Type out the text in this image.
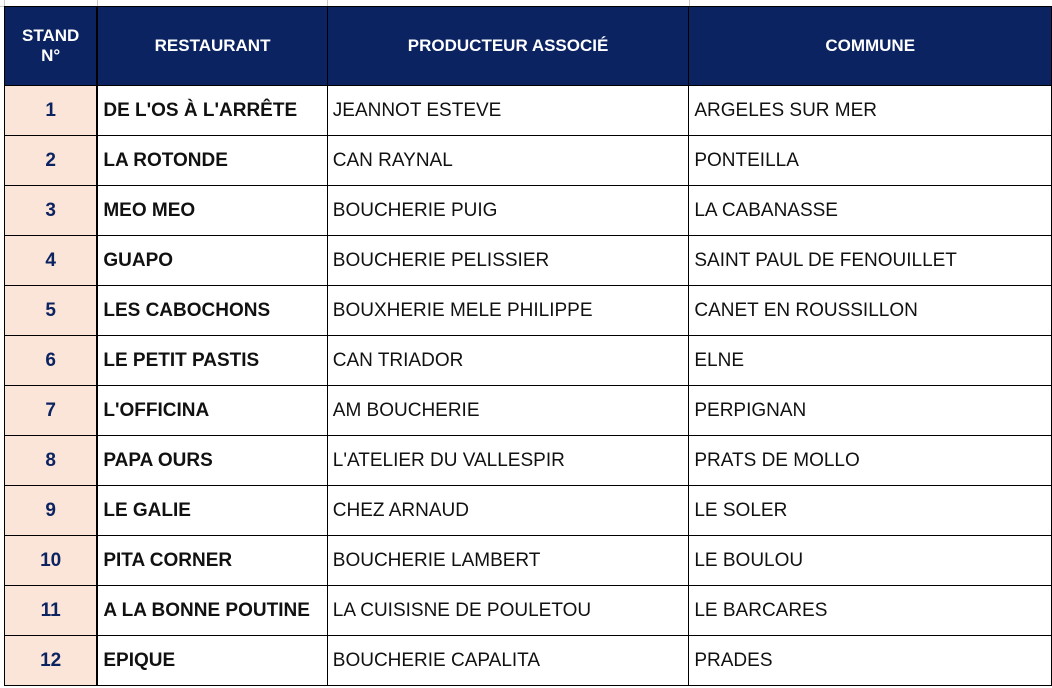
STAND
N°	RESTAURANT	PRODUCTEUR ASSOCIÉ	COMMUNE
1	DE L'OS À L'ARRÊTE	JEANNOT ESTEVE	ARGELES SUR MER
2	LA ROTONDE	CAN RAYNAL	PONTEILLA
3	MEO MEO	BOUCHERIE PUIG	LA CABANASSE
4	GUAPO	BOUCHERIE PELISSIER	SAINT PAUL DE FENOUILLET
5	LES CABOCHONS	BOUXHERIE MELE PHILIPPE	CANET EN ROUSSILLON
6	LE PETIT PASTIS	CAN TRIADOR	ELNE
7	L'OFFICINA	AM BOUCHERIE	PERPIGNAN
8	PAPA OURS	L'ATELIER DU VALLESPIR	PRATS DE MOLLO
9	LE GALIE	CHEZ ARNAUD	LE SOLER
10	PITA CORNER	BOUCHERIE LAMBERT	LE BOULOU
11	A LA BONNE POUTINE	LA CUISISNE DE POULETOU	LE BARCARES
12	EPIQUE	BOUCHERIE CAPALITA	PRADES
